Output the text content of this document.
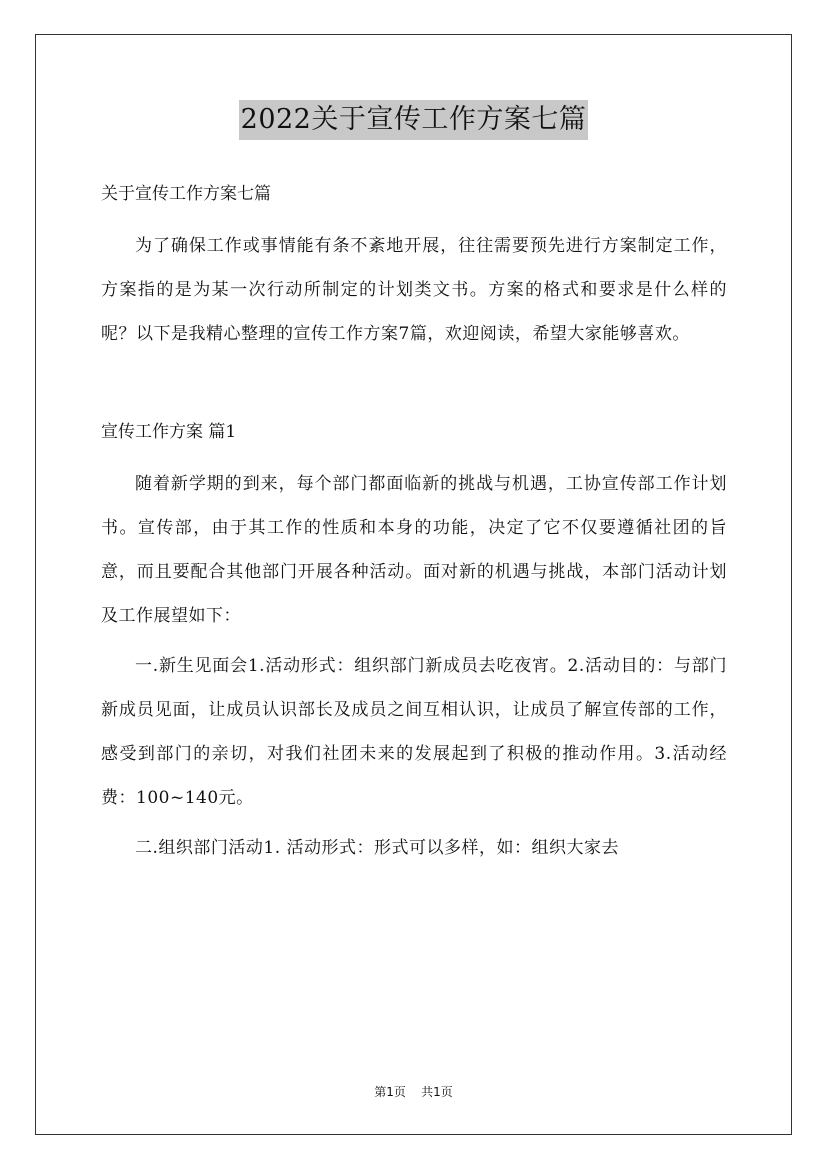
2022关于宣传工作方案七篇

关于宣传工作方案七篇

为了确保工作或事情能有条不紊地开展，往往需要预先进行方案制定工作，方案指的是为某一次行动所制定的计划类文书。方案的格式和要求是什么样的呢？以下是我精心整理的宣传工作方案7篇，欢迎阅读，希望大家能够喜欢。

宣传工作方案 篇1

随着新学期的到来，每个部门都面临新的挑战与机遇，工协宣传部工作计划书。宣传部，由于其工作的性质和本身的功能，决定了它不仅要遵循社团的旨意，而且要配合其他部门开展各种活动。面对新的机遇与挑战，本部门活动计划及工作展望如下：

一.新生见面会1.活动形式：组织部门新成员去吃夜宵。2.活动目的：与部门新成员见面，让成员认识部长及成员之间互相认识，让成员了解宣传部的工作，感受到部门的亲切，对我们社团未来的发展起到了积极的推动作用。3.活动经费：100~140元。

二.组织部门活动1. 活动形式：形式可以多样，如：组织大家去

第1页 共1页
